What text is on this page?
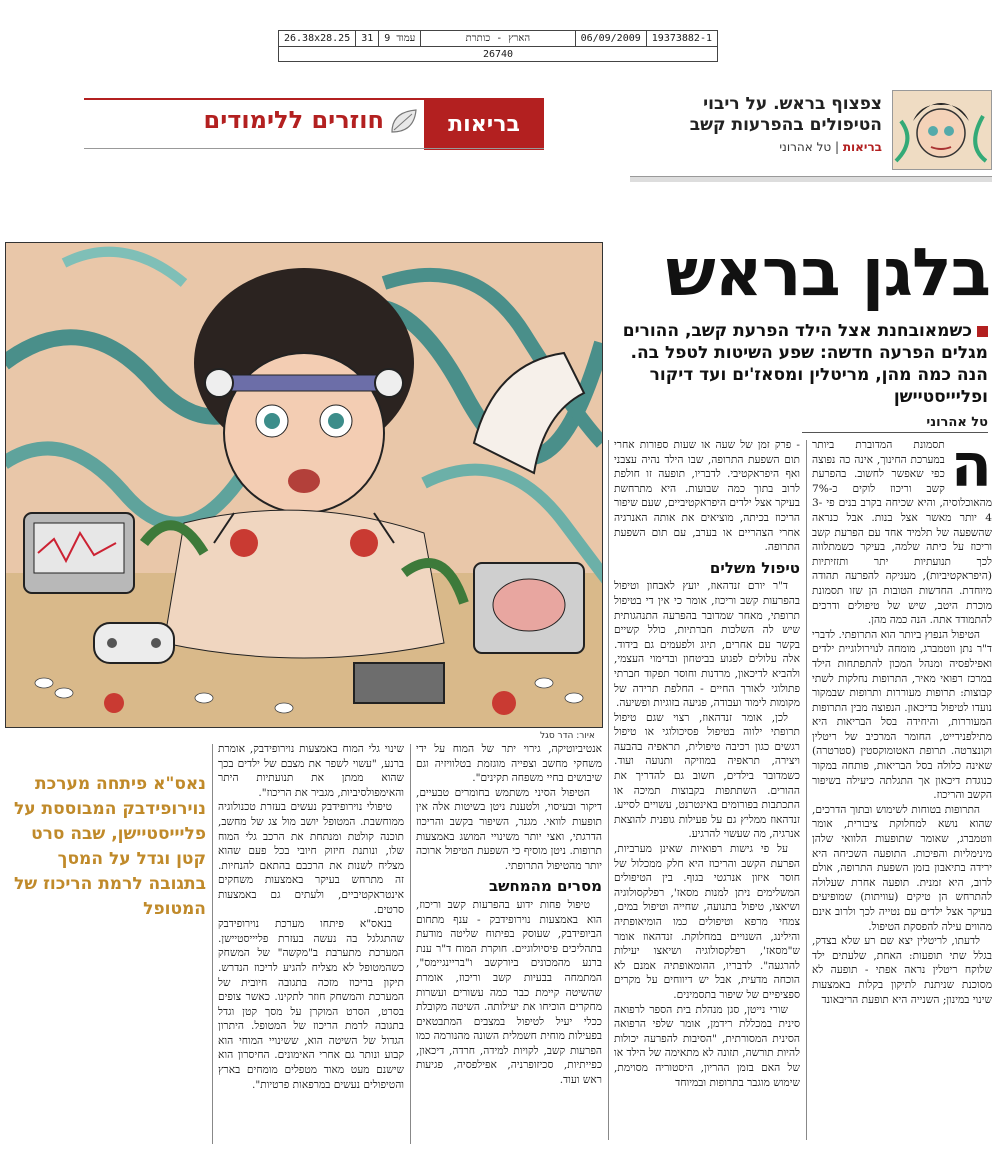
19373882-1
06/09/2009
הארץ - כותרת
עמוד 9
31
26.38x28.25
26740
צפצוף בראש. על ריבוי הטיפולים בהפרעות קשב
בריאות | טל אהרוני
בריאות
חוזרים ללימודים
בלגן בראש
כשמאובחנת אצל הילד הפרעת קשב, ההורים מגלים הפרעה חדשה: שפע השיטות לטפל בה. הנה כמה מהן, מריטלין ומסאז'ים ועד דיקור ופליייסטיישן
טל אהרוני
איור: הדר סגל
ה

תסמונת המדוברת ביותר במערכת החינוך, אינה כה נפוצה כפי שאפשר לחשוב. בהפרעת קשב וריכוז לוקים כ-7% מהאוכלוסיה, והיא שכיחה בקרב בנים פי 3-4 יותר מאשר אצל בנות. אבל כנראה שהשפעה של תלמיד אחד עם הפרעת קשב וריכוז על כיתה שלמה, בעיקר כשמתלווה לכך תנועתיות יתר ותזזיתיות (היפראקטיביות), מעניקה להפרעה תהודה מיוחדת. החדשות הטובות הן שזו תסמונת מוכרת היטב, שיש של טיפולים ודרכים להתמודד אתה. הנה כמה מהן.

הטיפול הנפוץ ביותר הוא התרופתי. לדברי ד"ר נתן ווטמברג, מומחה לנוירולוגיית ילדים ואפילפסיה ומנהל המכון להתפתחות הילד במרכז רפואי מאיר, התרופות נחלקות לשתי קבוצות: תרופות מעוררות ותרופות שבמקור נועדו לטיפול בדיכאון. הנפוצה מבין התרופות המעוררות, והיחידה בסל הבריאות היא מתילפנידייט, החומר המרכיב של ריטלין וקונצרטה. תרופת האטומוקסטין (סטרטרה) שאינה כלולה בסל הבריאות, פותחה במקור כנוגדת דיכאון אך התגלתה כיעילה בשיפור הקשב והריכוז.

התרופות בטוחות לשימוש ובתוך הדרכים, שהוא נושא למחלוקת ציבורית, אומר ווטמברג, שאומר שתופעות הלוואי שלהן מינימליות והפיכות. התופעה השכיחה היא ירידה בתיאבון בזמן השפעת התרופה, אולם לרוב, היא זמנית. תופעה אחרת שעלולה להתרחש הן טיקים (עוויתות) שמופיעים בעיקר אצל ילדים עם נטייה לכך ולרוב אינם מהווים עילה להפסקת הטיפול.

לדעתו, לריטלין יצא שם רע שלא בצדק, בגלל שתי תופעות: האחת, שלעתים ילד שלוקח ריטלין נראה אפתי - תופעה לא מסוכנת שניתנת לתיקון בקלות באמצעות שינוי במינון; השנייה היא תופעת הריבאונד

- פרק זמן של שעה או שעות ספורות אחרי תום השפעת התרופה, שבו הילד נהיה עצבני ואף היפראקטיבי. לדבריו, תופעה זו חולפת לרוב בתוך כמה שבועות. היא מתרחשת בעיקר אצל ילדים היפראקטיביים, שעם שיפור הריכוז בכיתה, מוציאים את אותה האנרגיה אחרי הצהריים או בערב, עם תום השפעת התרופה.

טיפול משלים

ד"ר יורם זנדהאוז, יועץ לאבחון וטיפול בהפרעות קשב וריכוז, אומר כי אין די בטיפול תרופתי, מאחר שמדובר בהפרעה התנהגותית שיש לה השלכות חברתיות, כולל קשיים בקשר עם אחרים, תיוג ולפעמים גם בידוד. אלה עלולים לפגוע בביטחון ובדימוי העצמי, ולהביא לדיכאון, מרדנות וחוסר תפקוד חברתי פתולוגי לאורך החיים - החלפת תרידה של מקומות לימוד ועבודה, פגיעה בזוגיות ופשיעה.

לכן, אומר זנדהאוז, רצוי שגם טיפול תרופתי ילווה בטיפול פסיכולוגי או טיפול רגשים כגון רכיבה טיפולית, תראפיה בהבעה ויצירה, תראפיה במוזיקה ותנועה ועוד. כשמדובר בילדים, חשוב גם להדריך את ההורים. השתתפות בקבוצות תמיכה או התכתבות בפורומים באינטרנט, עשויים לסייע. זנדהאוז ממליץ גם על פעילות גופנית להוצאת אנרגיה, מה שעשוי להרגיע.

על פי גישות רפואיות שאינן מערביות, הפרעת הקשב והריכוז היא חלק ממכלול של חוסר איזון אנרגטי בגוף. בין הטיפולים המשלימים ניתן למנות מסאז', רפלקסולוגיה ושיאצו, טיפול בתנועה, שחייה וטיפול במים, צמחי מרפא וטיפולים כמו הומיאופתיה והילינג, השנויים במחלוקת. זנדהאוז אומר ש"מסאז', רפלקסולוגיה ושיאצו יעילות להרגעה". לדבריו, ההומאופתיה אמנם לא הוכחה מדעית, אבל יש דיווחים על מקרים ספציפיים של שיפור בתסמינים.

שורי נייטן, סגן מנהלת בית הספר לרפואה סינית במכללת רידמן, אומר שלפי הרפואה הסינית המסורתית, "הסיבות להפרעה יכולות להיות תורשה, תזונה לא מתאימה של הילד או של האם בזמן ההריון, היסטוריה מסוימת, שימוש מוגבר בתרופות ובמיוחד

אנטיביוטיקה, גירוי יתר של המוח על ידי משחקי מחשב וצפייה מוגזמת בטלוויזיה וגם שיבושים בחיי משפחה תקינים".

הטיפול הסיני משתמש בחומרים טבעיים, דיקור ובעיסוי, ולטענת ניטן בשיטות אלה אין תופעות לוואי. מגנר, השיפור בקשב והריכוז הדרגתי, ואצי יותר משינויי המושג באמצעות תרופות. ניטן מוסיף כי השפעת הטיפול ארוכה יותר מהטיפול התרופתי.

מסרים מהמחשב

טיפול פחות ידוע בהפרעות קשב וריכוז, הוא באמצעות נוירופידבק - ענף מתחום הביופידבק, שעוסק בפיתוח שליטה מודעת בתהליכים פיסיולוגיים. חוקרת המוח ד"ר ענת ברנע מהמכונים ביורקשב ו"בריינגיימס", המתמחה בבעיות קשב וריכוז, אומרת שהשיטה קיימת כבר כמה עשורים ועשרות מחקרים הוכיחו את יעילותה. השיטה מקובלת ככלי יעיל לטיפול במצבים המתבטאים בפעילות מוחית חשמלית השונה מהנורמה כמו הפרעות קשב, לקויות למידה, חרדה, דיכאון, כפייתיות, סכיזופרניה, אפילפסיה, פגיעות ראש ועוד.

שינוי גלי המוח באמצעות נוירופידבק, אומרת ברנע, "עשוי לשפר את מצבם של ילדים בכך שהוא ממתן את תנועתיות היתר והאימפולסיביות, מגביר את הריכוז".

טיפולי נוירופידבק נעשים בעזרת טכנולוגיה ממוחשבת. המטופל יושב מול צג של מחשב, תוכנה קולטת ומנתחת את הרכב גלי המוח שלו, ונותנת חיזוק חיובי בכל פעם שהוא מצליח לשנות את הרכבם בהתאם להנחיות. זה מתרחש בעיקר באמצעות משחקים אינטראקטיביים, ולעתים גם באמצעות סרטים.

בנאס"א פיתחו מערכת נוירופידבק שהתגלגל בה נעשה בעזרת פליייסטיישן. המערכת מתערבת ב"מקשה" של המשחק כשהמטופל לא מצליח להגיע לריכוז הנדרש. תיקון בריכוז מזכה בתגובה חיובית של המערכת והמשחק חוזר לתקינו. כאשר צופים בסרט, הסרט המוקרן על מסך קטן וגדל בתגובה לרמת הריכוז של המטופל. היתרון הגדול של השיטה הוא, ששינויי המוחי הוא קבוע ונותר גם אחרי האימונים. החיסרון הוא שישנם מעט מאוד מטפלים מומחים בארץ והטיפולים נעשים במרפאות פרטיות".

נאס"א פיתחה מערכת נוירופידבק המבוססת על פליייסטיישן, שבה סרט קטן וגדל על המסך בתגובה לרמת הריכוז של המטופל
